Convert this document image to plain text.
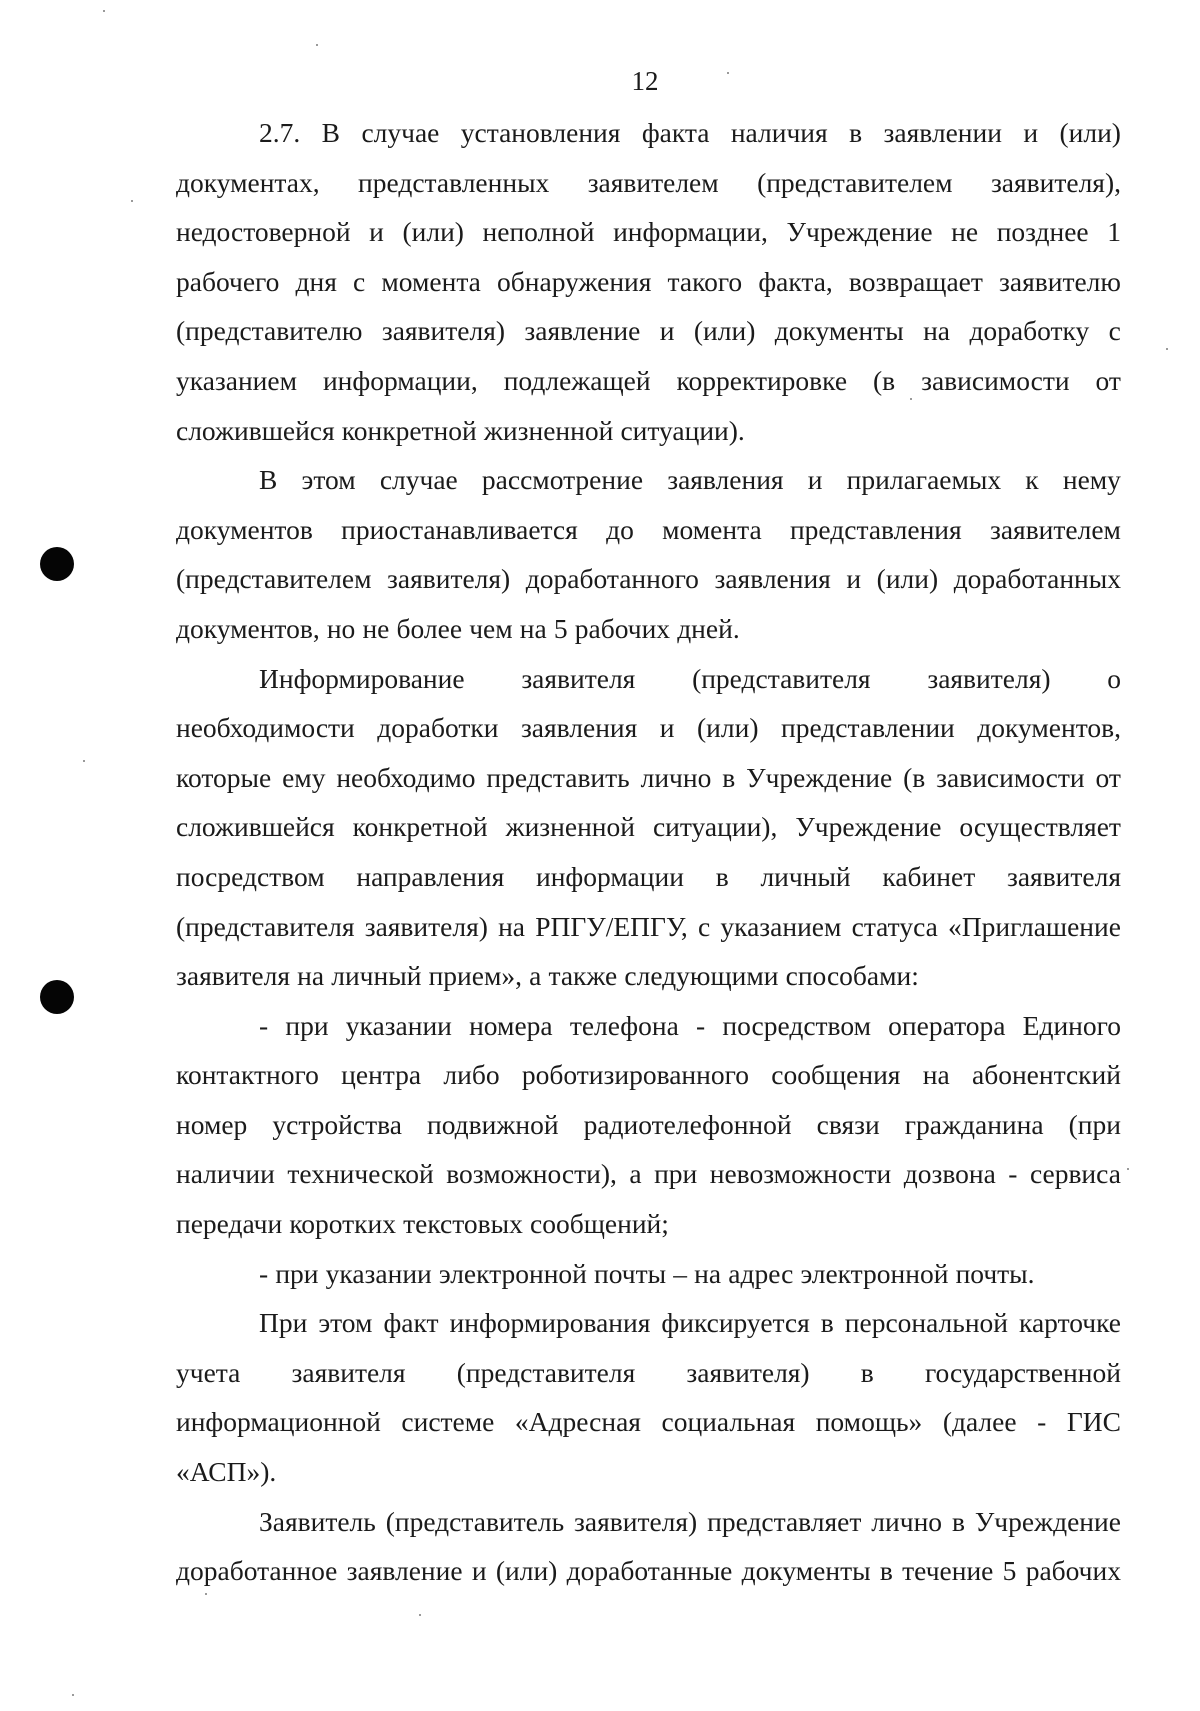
12
2.7. В случае установления факта наличия в заявлении и (или)
документах, представленных заявителем (представителем заявителя),
недостоверной и (или) неполной информации, Учреждение не позднее 1
рабочего дня с момента обнаружения такого факта, возвращает заявителю
(представителю заявителя) заявление и (или) документы на доработку с
указанием информации, подлежащей корректировке (в зависимости от
сложившейся конкретной жизненной ситуации).
В этом случае рассмотрение заявления и прилагаемых к нему
документов приостанавливается до момента представления заявителем
(представителем заявителя) доработанного заявления и (или) доработанных
документов, но не более чем на 5 рабочих дней.
Информирование заявителя (представителя заявителя) о
необходимости доработки заявления и (или) представлении документов,
которые ему необходимо представить лично в Учреждение (в зависимости от
сложившейся конкретной жизненной ситуации), Учреждение осуществляет
посредством направления информации в личный кабинет заявителя
(представителя заявителя) на РПГУ/ЕПГУ, с указанием статуса «Приглашение
заявителя на личный прием», а также следующими способами:
- при указании номера телефона - посредством оператора Единого
контактного центра либо роботизированного сообщения на абонентский
номер устройства подвижной радиотелефонной связи гражданина (при
наличии технической возможности), а при невозможности дозвона - сервиса
передачи коротких текстовых сообщений;
- при указании электронной почты – на адрес электронной почты.
При этом факт информирования фиксируется в персональной карточке
учета заявителя (представителя заявителя) в государственной
информационной системе «Адресная социальная помощь» (далее - ГИС
«АСП»).
Заявитель (представитель заявителя) представляет лично в Учреждение
доработанное заявление и (или) доработанные документы в течение 5 рабочих
